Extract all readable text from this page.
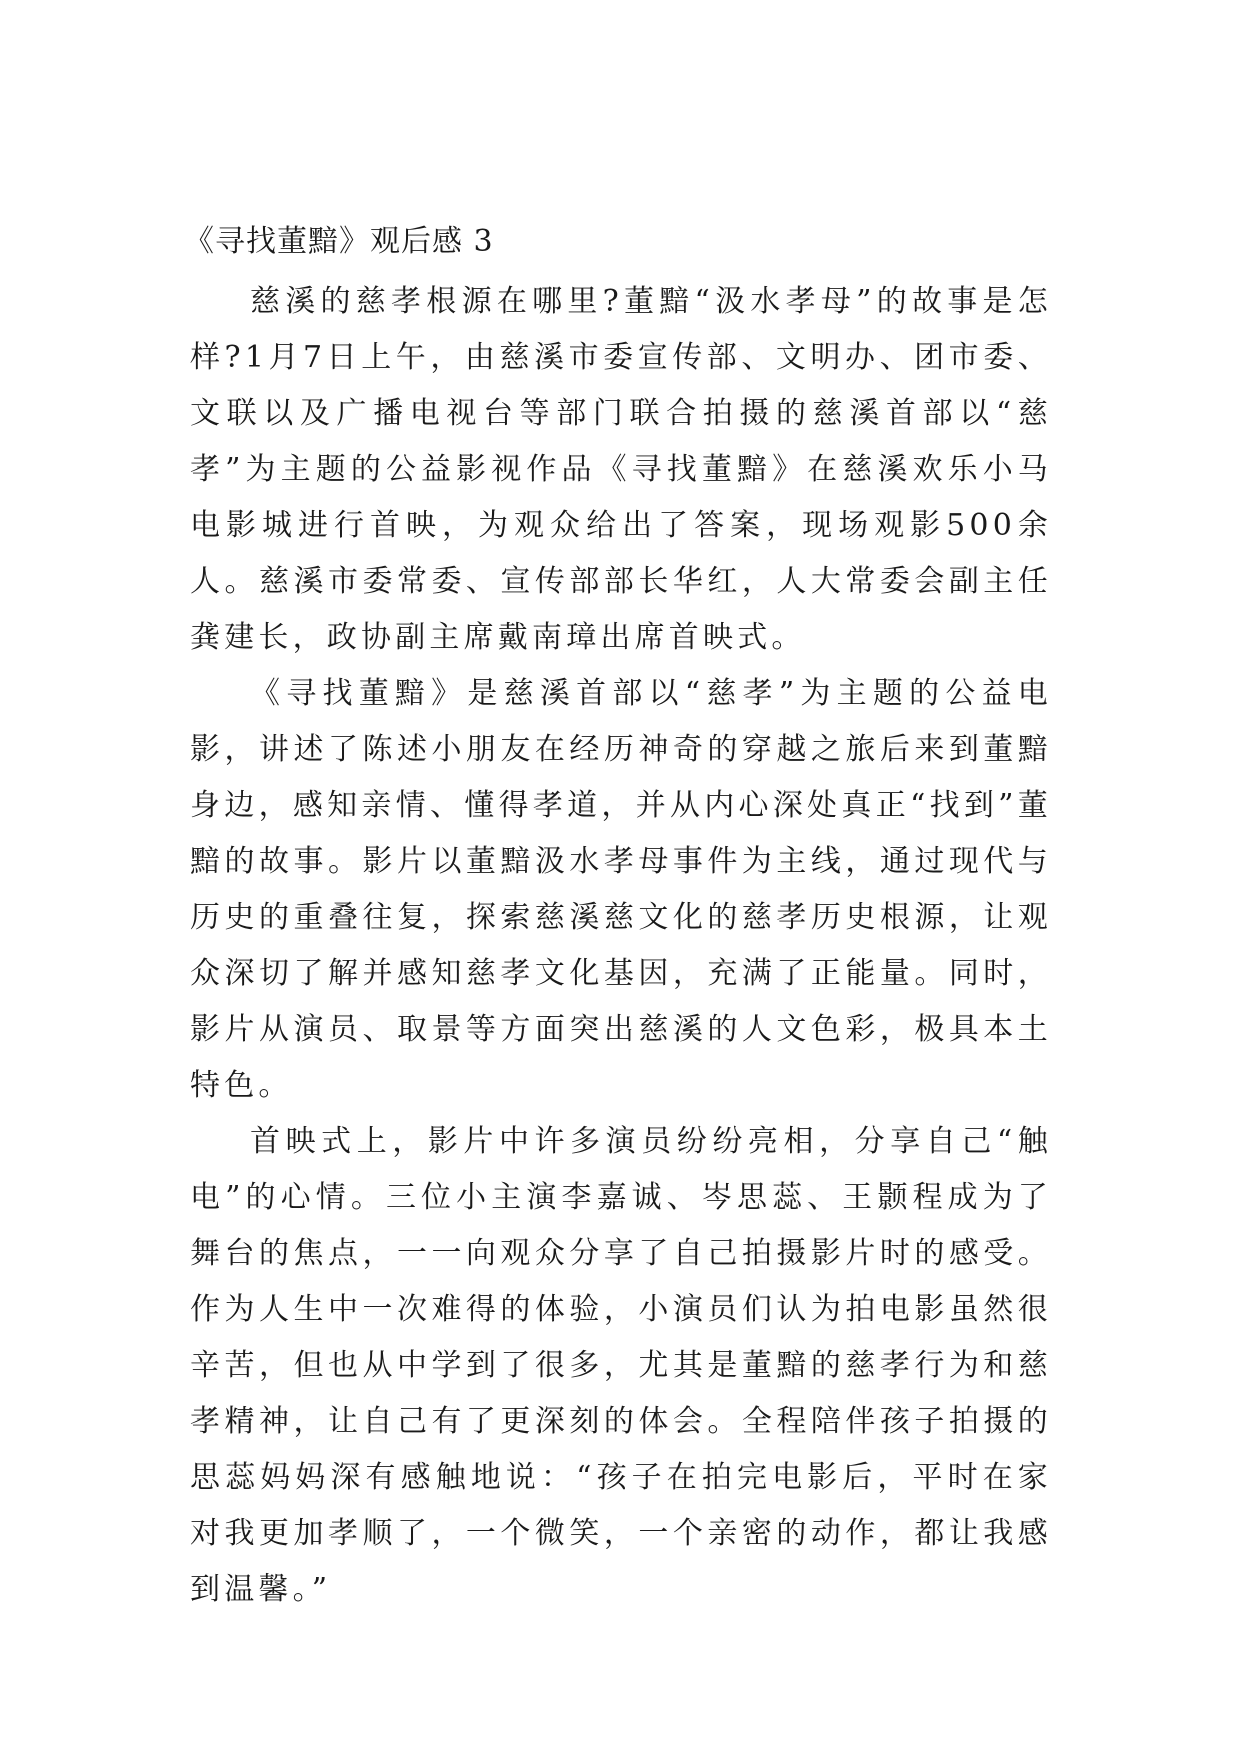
《寻找董黯》观后感 3

慈溪的慈孝根源在哪里?董黯“汲水孝母”的故事是怎样?1月7日上午，由慈溪市委宣传部、文明办、团市委、文联以及广播电视台等部门联合拍摄的慈溪首部以“慈孝”为主题的公益影视作品《寻找董黯》在慈溪欢乐小马电影城进行首映，为观众给出了答案，现场观影500余人。慈溪市委常委、宣传部部长华红，人大常委会副主任龚建长，政协副主席戴南璋出席首映式。

《寻找董黯》是慈溪首部以“慈孝”为主题的公益电影，讲述了陈述小朋友在经历神奇的穿越之旅后来到董黯身边，感知亲情、懂得孝道，并从内心深处真正“找到”董黯的故事。影片以董黯汲水孝母事件为主线，通过现代与历史的重叠往复，探索慈溪慈文化的慈孝历史根源，让观众深切了解并感知慈孝文化基因，充满了正能量。同时，影片从演员、取景等方面突出慈溪的人文色彩，极具本土特色。

首映式上，影片中许多演员纷纷亮相，分享自己“触电”的心情。三位小主演李嘉诚、岑思蕊、王颢程成为了舞台的焦点，一一向观众分享了自己拍摄影片时的感受。作为人生中一次难得的体验，小演员们认为拍电影虽然很辛苦，但也从中学到了很多，尤其是董黯的慈孝行为和慈孝精神，让自己有了更深刻的体会。全程陪伴孩子拍摄的思蕊妈妈深有感触地说：“孩子在拍完电影后，平时在家对我更加孝顺了，一个微笑，一个亲密的动作，都让我感到温馨。”
